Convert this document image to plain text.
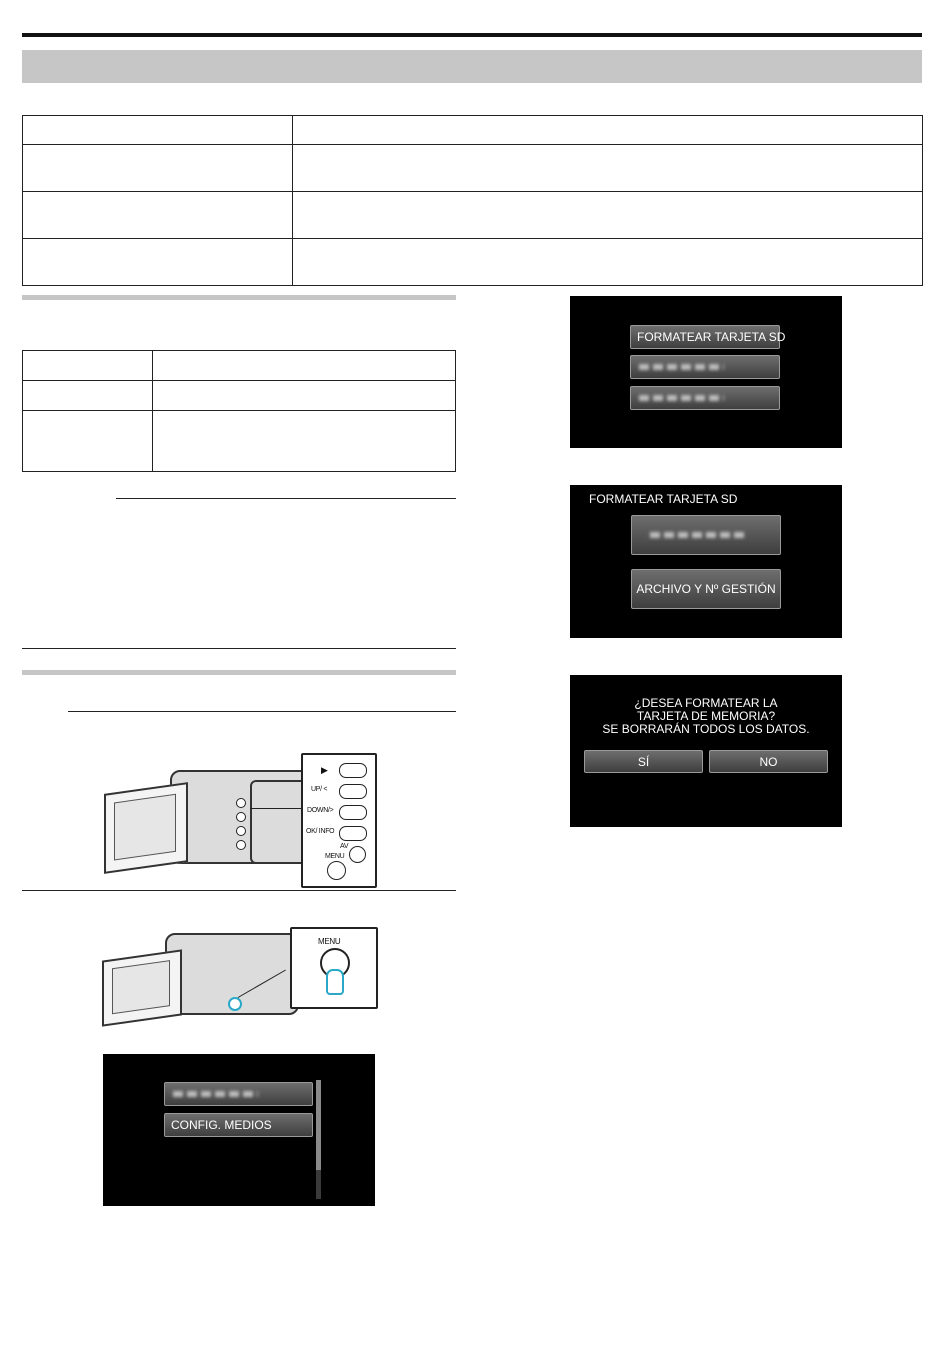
▶
UP/ <
DOWN/>
OK/ INFO
AV
MENU
MENU
CONFIG. MEDIOS
FORMATEAR TARJETA SD
FORMATEAR TARJETA SD
ARCHIVO Y Nº GESTIÓN
¿DESEA FORMATEAR LA
TARJETA DE MEMORIA?
SE BORRARÁN TODOS LOS DATOS.
SÍ	NO
